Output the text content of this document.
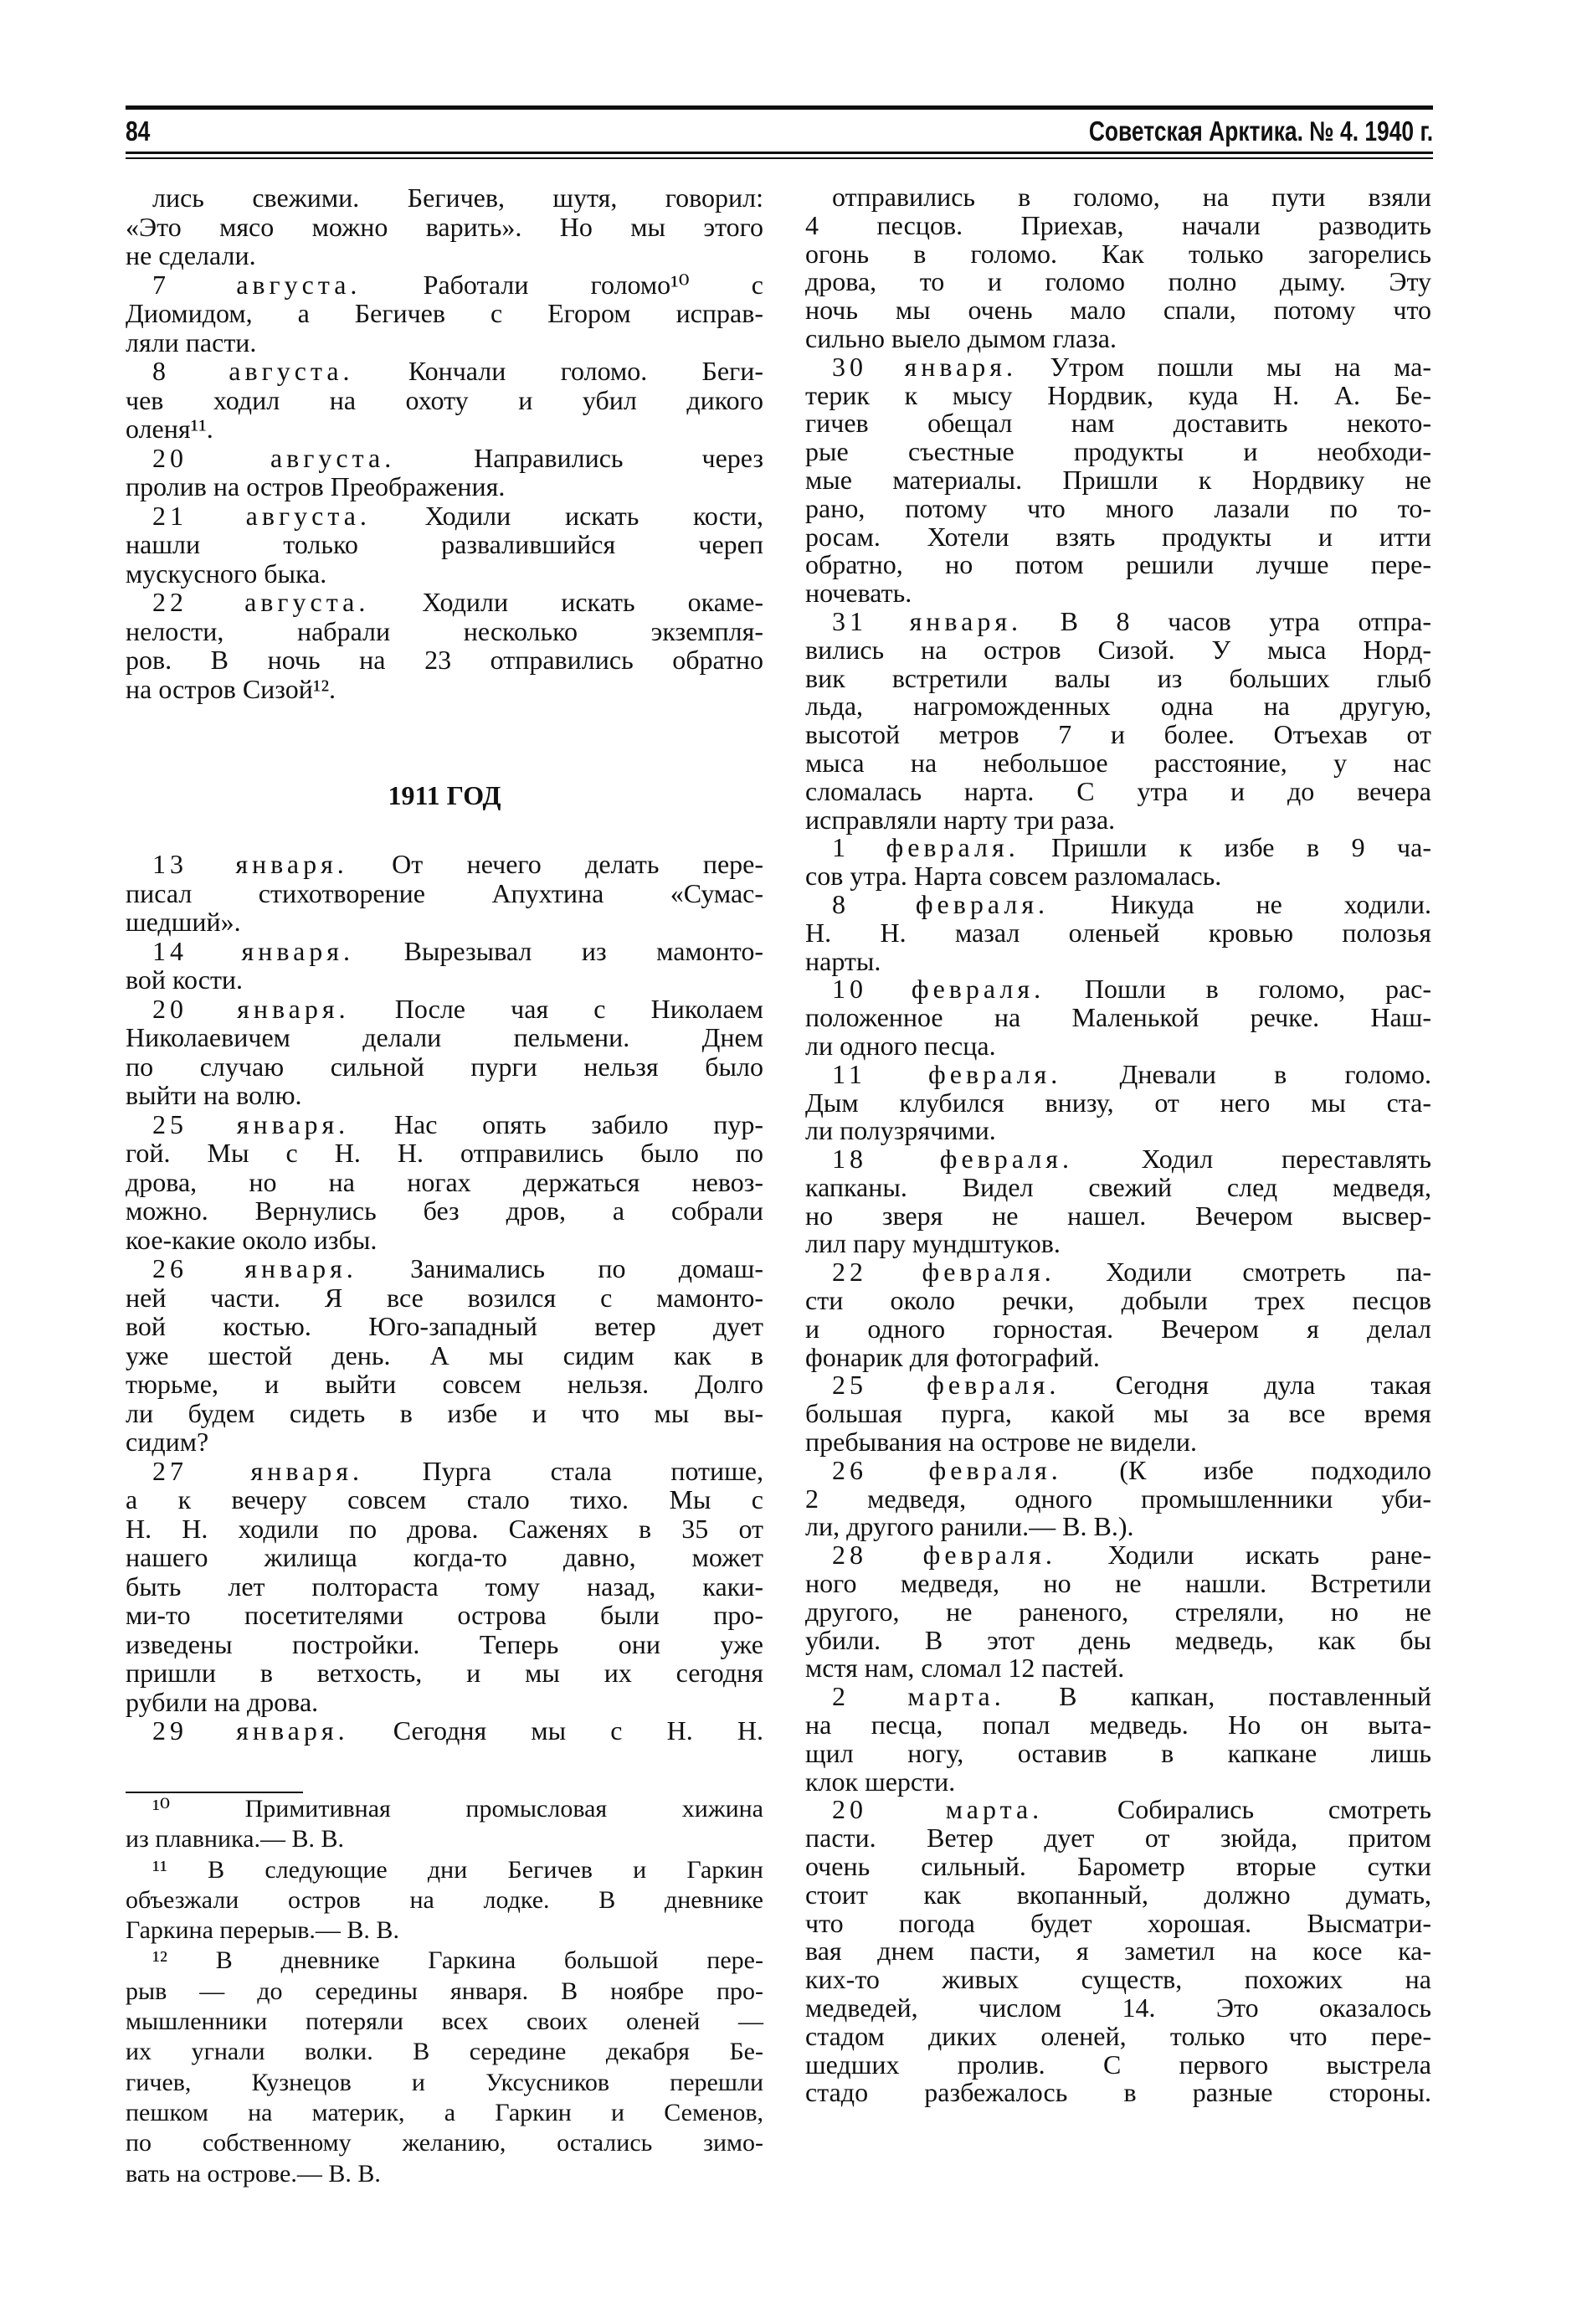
84	Советская Арктика. № 4. 1940 г.
лись свежими. Бегичев, шутя, говорил:
«Это мясо можно варить». Но мы этого
не сделали.
7 августа. Работали голомо¹⁰ с
Диомидом, а Бегичев с Егором исправ-
ляли пасти.
8 августа. Кончали голомо. Беги-
чев ходил на охоту и убил дикого
оленя¹¹.
20 августа. Направились через
пролив на остров Преображения.
21 августа. Ходили искать кости,
нашли только развалившийся череп
мускусного быка.
22 августа. Ходили искать окаме-
нелости, набрали несколько экземпля-
ров. В ночь на 23 отправились обратно
на остров Сизой¹².
1911 ГОД
13 января. От нечего делать пере-
писал стихотворение Апухтина «Сумас-
шедший».
14 января. Вырезывал из мамонто-
вой кости.
20 января. После чая с Николаем
Николаевичем делали пельмени. Днем
по случаю сильной пурги нельзя было
выйти на волю.
25 января. Нас опять забило пур-
гой. Мы с Н. Н. отправились было по
дрова, но на ногах держаться невоз-
можно. Вернулись без дров, а собрали
кое-какие около избы.
26 января. Занимались по домаш-
ней части. Я все возился с мамонто-
вой костью. Юго-западный ветер дует
уже шестой день. А мы сидим как в
тюрьме, и выйти совсем нельзя. Долго
ли будем сидеть в избе и что мы вы-
сидим?
27 января. Пурга стала потише,
а к вечеру совсем стало тихо. Мы с
Н. Н. ходили по дрова. Саженях в 35 от
нашего жилища когда-то давно, может
быть лет полтораста тому назад, каки-
ми-то посетителями острова были про-
изведены постройки. Теперь они уже
пришли в ветхость, и мы их сегодня
рубили на дрова.
29 января. Сегодня мы с Н. Н.
¹⁰ Примитивная промысловая хижина
из плавника.— В. В.
¹¹ В следующие дни Бегичев и Гаркин
объезжали остров на лодке. В дневнике
Гаркина перерыв.— В. В.
¹² В дневнике Гаркина большой пере-
рыв — до середины января. В ноябре про-
мышленники потеряли всех своих оленей —
их угнали волки. В середине декабря Бе-
гичев, Кузнецов и Уксусников перешли
пешком на материк, а Гаркин и Семенов,
по собственному желанию, остались зимо-
вать на острове.— В. В.
отправились в голомо, на пути взяли
4 песцов. Приехав, начали разводить
огонь в голомо. Как только загорелись
дрова, то и голомо полно дыму. Эту
ночь мы очень мало спали, потому что
сильно выело дымом глаза.
30 января. Утром пошли мы на ма-
терик к мысу Нордвик, куда Н. А. Бе-
гичев обещал нам доставить некото-
рые съестные продукты и необходи-
мые материалы. Пришли к Нордвику не
рано, потому что много лазали по то-
росам. Хотели взять продукты и итти
обратно, но потом решили лучше пере-
ночевать.
31 января. В 8 часов утра отпра-
вились на остров Сизой. У мыса Норд-
вик встретили валы из больших глыб
льда, нагроможденных одна на другую,
высотой метров 7 и более. Отъехав от
мыса на небольшое расстояние, у нас
сломалась нарта. С утра и до вечера
исправляли нарту три раза.
1 февраля. Пришли к избе в 9 ча-
сов утра. Нарта совсем разломалась.
8 февраля. Никуда не ходили.
Н. Н. мазал оленьей кровью полозья
нарты.
10 февраля. Пошли в голомо, рас-
положенное на Маленькой речке. Наш-
ли одного песца.
11 февраля. Дневали в голомо.
Дым клубился внизу, от него мы ста-
ли полузрячими.
18 февраля. Ходил переставлять
капканы. Видел свежий след медведя,
но зверя не нашел. Вечером высвер-
лил пару мундштуков.
22 февраля. Ходили смотреть па-
сти около речки, добыли трех песцов
и одного горностая. Вечером я делал
фонарик для фотографий.
25 февраля. Сегодня дула такая
большая пурга, какой мы за все время
пребывания на острове не видели.
26 февраля. (К избе подходило
2 медведя, одного промышленники уби-
ли, другого ранили.— В. В.).
28 февраля. Ходили искать ране-
ного медведя, но не нашли. Встретили
другого, не раненого, стреляли, но не
убили. В этот день медведь, как бы
мстя нам, сломал 12 пастей.
2 марта. В капкан, поставленный
на песца, попал медведь. Но он выта-
щил ногу, оставив в капкане лишь
клок шерсти.
20 марта. Собирались смотреть
пасти. Ветер дует от зюйда, притом
очень сильный. Барометр вторые сутки
стоит как вкопанный, должно думать,
что погода будет хорошая. Высматри-
вая днем пасти, я заметил на косе ка-
ких-то живых существ, похожих на
медведей, числом 14. Это оказалось
стадом диких оленей, только что пере-
шедших пролив. С первого выстрела
стадо разбежалось в разные стороны.
